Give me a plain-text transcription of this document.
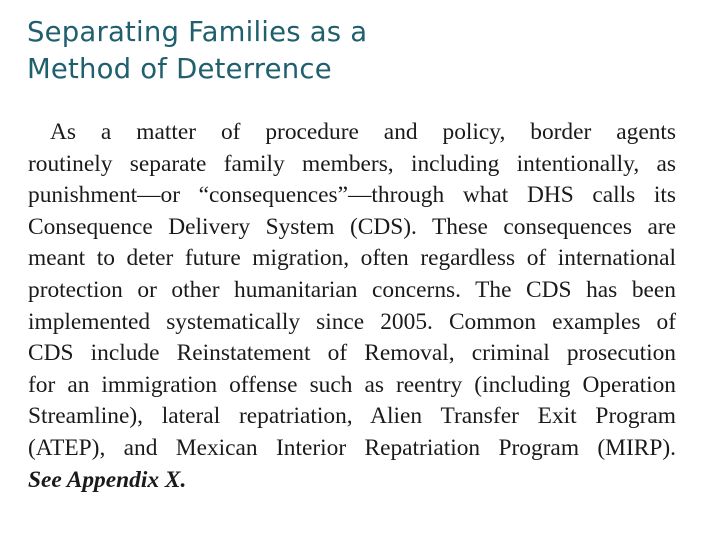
Separating Families as a
Method of Deterrence
As a matter of procedure and policy, border agents
routinely separate family members, including intentionally, as
punishment—or “consequences”—through what DHS calls its
Consequence Delivery System (CDS). These consequences are
meant to deter future migration, often regardless of international
protection or other humanitarian concerns. The CDS has been
implemented systematically since 2005. Common examples of
CDS include Reinstatement of Removal, criminal prosecution
for an immigration offense such as reentry (including Operation
Streamline), lateral repatriation, Alien Transfer Exit Program
(ATEP), and Mexican Interior Repatriation Program (MIRP).
See Appendix X.
